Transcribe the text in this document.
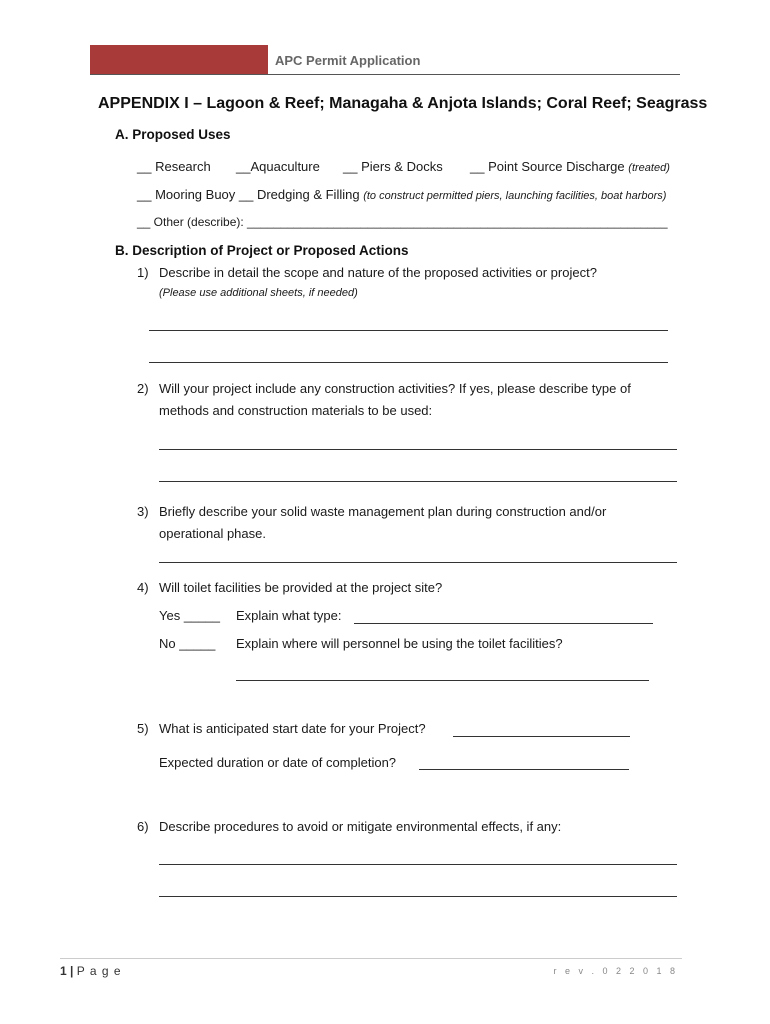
APC Permit Application
APPENDIX I – Lagoon & Reef; Managaha & Anjota Islands; Coral Reef; Seagrass
A. Proposed Uses
__ Research __Aquaculture __ Piers & Docks __ Point Source Discharge (treated)
__ Mooring Buoy __ Dredging & Filling (to construct permitted piers, launching facilities, boat harbors)
__ Other (describe): _______________________________________________________________
B. Description of Project or Proposed Actions
1) Describe in detail the scope and nature of the proposed activities or project?
(Please use additional sheets, if needed)
2) Will your project include any construction activities? If yes, please describe type of
methods and construction materials to be used:
3) Briefly describe your solid waste management plan during construction and/or
operational phase.
4) Will toilet facilities be provided at the project site?
Yes _____ Explain what type:
No _____ Explain where will personnel be using the toilet facilities?
5) What is anticipated start date for your Project?
Expected duration or date of completion?
6) Describe procedures to avoid or mitigate environmental effects, if any:
1 | P a g e	r e v . 0 2 2 0 1 8
